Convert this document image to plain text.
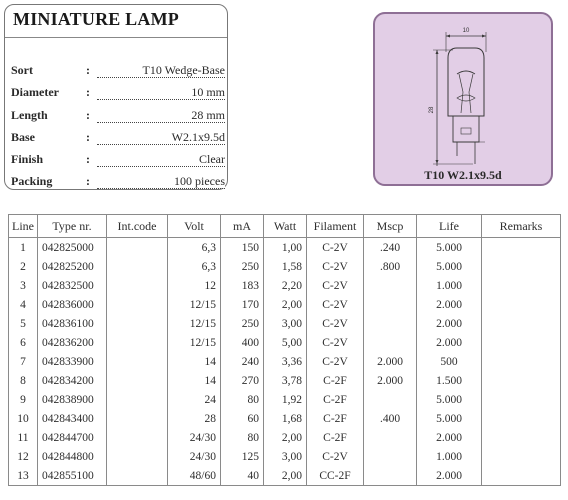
MINIATURE LAMP
Sort	:	T10 Wedge-Base
Diameter :	10 mm
Length	:	28 mm
Base	:	W2.1x9.5d
Finish	:	Clear
Packing	:	100 pieces
10
28
T10 W2.1x9.5d
Line	Type nr.	Int.code	Volt	mA	Watt	Filament	Mscp	Life	Remarks
1	042825000		6,3	150	1,00	C-2V	.240	5.000	
2	042825200		6,3	250	1,58	C-2V	.800	5.000	
3	042832500		12	183	2,20	C-2V		1.000	
4	042836000		12/15	170	2,00	C-2V		2.000	
5	042836100		12/15	250	3,00	C-2V		2.000	
6	042836200		12/15	400	5,00	C-2V		2.000	
7	042833900		14	240	3,36	C-2V	2.000	500	
8	042834200		14	270	3,78	C-2F	2.000	1.500	
9	042838900		24	80	1,92	C-2F		5.000	
10	042843400		28	60	1,68	C-2F	.400	5.000	
11	042844700		24/30	80	2,00	C-2F		2.000	
12	042844800		24/30	125	3,00	C-2V		1.000	
13	042855100		48/60	40	2,00	CC-2F		2.000	
